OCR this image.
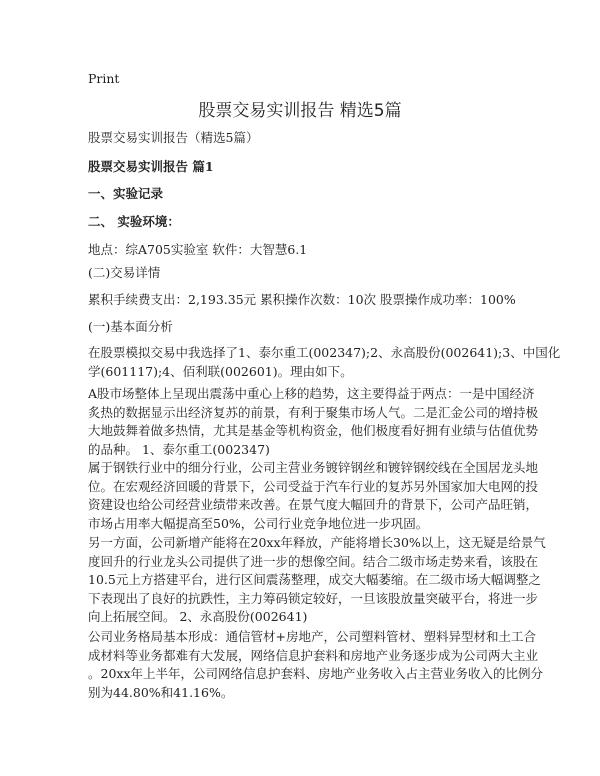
Print
股票交易实训报告 精选5篇
股票交易实训报告（精选5篇）
股票交易实训报告 篇1
一、实验记录
二、 实验环境：
地点：综A705实验室 软件：大智慧6.1
(二)交易详情
累积手续费支出：2,193.35元 累积操作次数：10次 股票操作成功率：100%
(一)基本面分析
在股票模拟交易中我选择了1、泰尔重工(002347);2、永高股份(002641);3、中国化
学(601117);4、佰利联(002601)。理由如下。
A股市场整体上呈现出震荡中重心上移的趋势，这主要得益于两点：一是中国经济
炙热的数据显示出经济复苏的前景，有利于聚集市场人气。二是汇金公司的增持极
大地鼓舞着做多热情，尤其是基金等机构资金，他们极度看好拥有业绩与估值优势
的品种。 1、泰尔重工(002347)
属于钢铁行业中的细分行业，公司主营业务镀锌钢丝和镀锌钢绞线在全国居龙头地
位。在宏观经济回暖的背景下，公司受益于汽车行业的复苏另外国家加大电网的投
资建设也给公司经营业绩带来改善。在景气度大幅回升的背景下，公司产品旺销，
市场占用率大幅提高至50%，公司行业竞争地位进一步巩固。
另一方面，公司新增产能将在20xx年释放，产能将增长30%以上，这无疑是给景气
度回升的行业龙头公司提供了进一步的想像空间。结合二级市场走势来看，该股在
10.5元上方搭建平台，进行区间震荡整理，成交大幅萎缩。在二级市场大幅调整之
下表现出了良好的抗跌性，主力筹码锁定较好，一旦该股放量突破平台，将进一步
向上拓展空间。 2、永高股份(002641)
公司业务格局基本形成：通信管材+房地产，公司塑料管材、塑料异型材和土工合
成材料等业务都难有大发展，网络信息护套料和房地产业务逐步成为公司两大主业
。20xx年上半年，公司网络信息护套料、房地产业务收入占主营业务收入的比例分
别为44.80%和41.16%。
